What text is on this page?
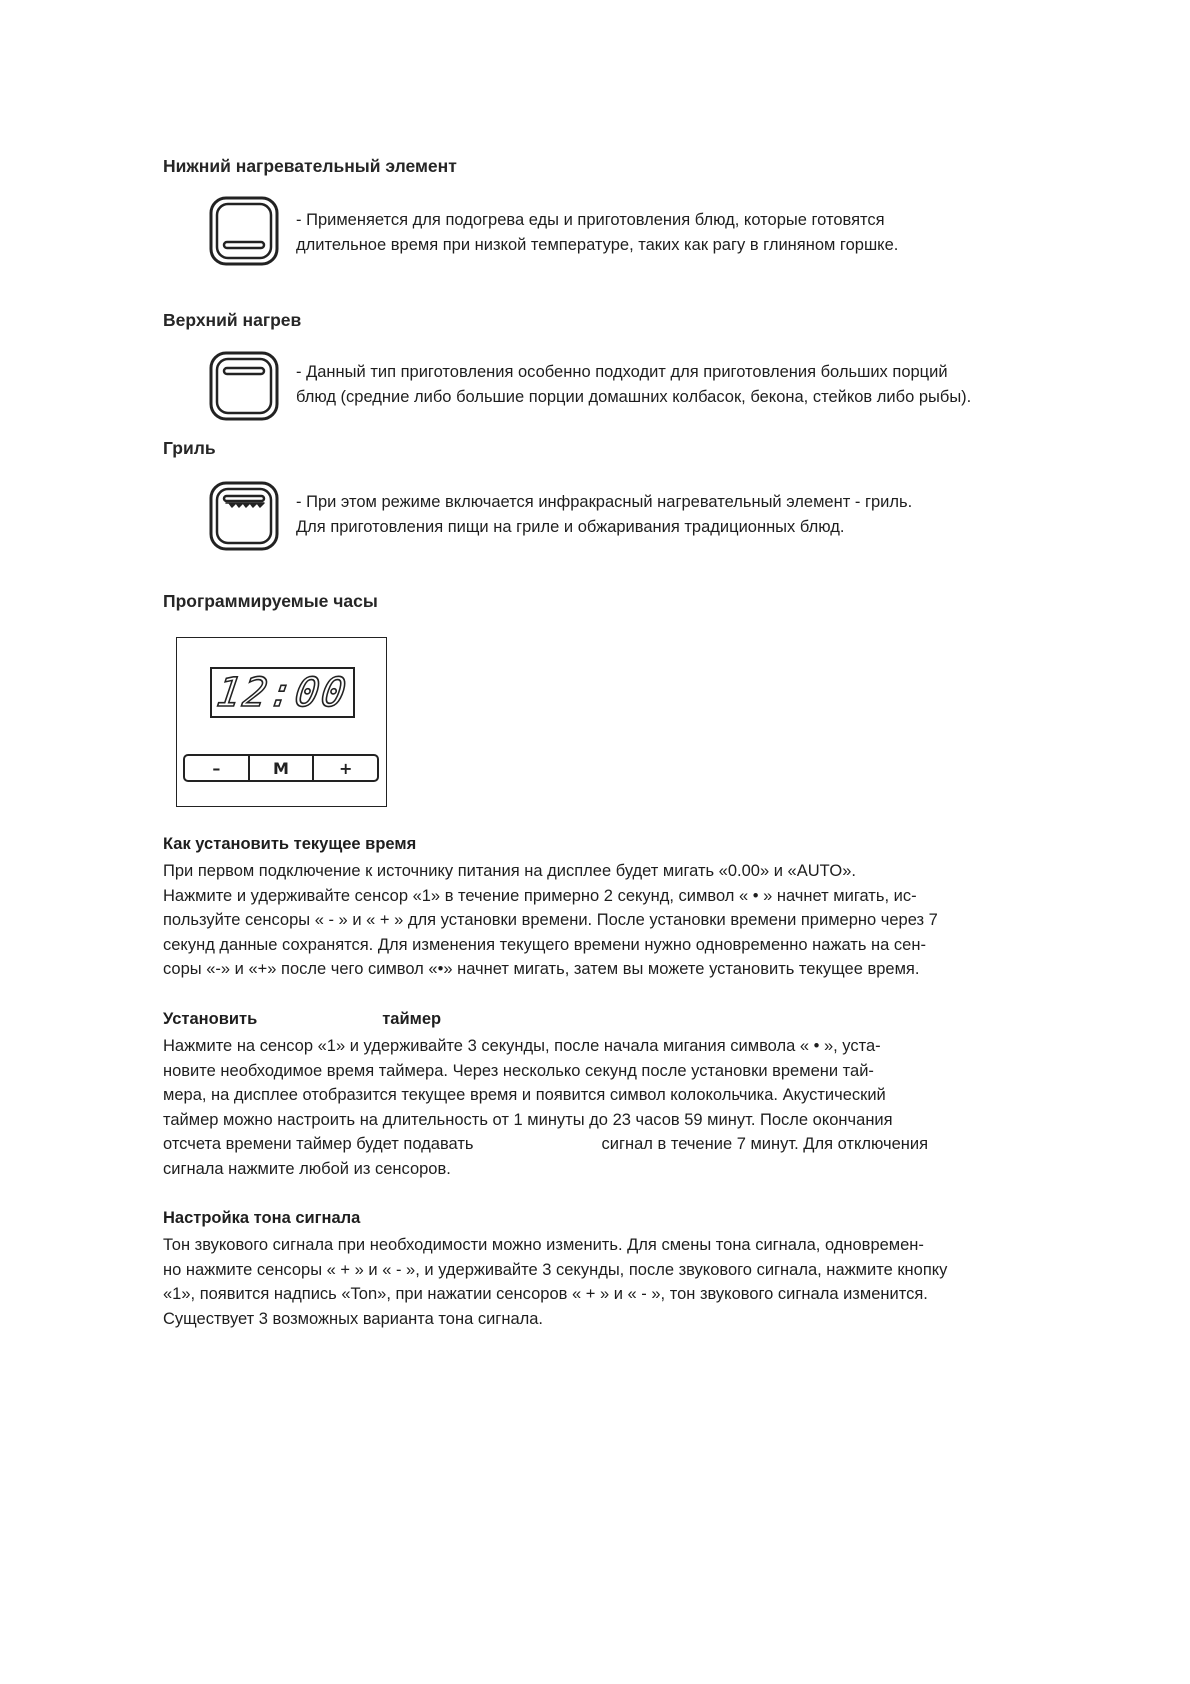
Нижний нагревательный элемент

- Применяется для подогрева еды и приготовления блюд, которые готовятся
длительное время при низкой температуре, таких как рагу в глиняном горшке.

Верхний нагрев

- Данный тип приготовления особенно подходит для приготовления больших порций
блюд (средние либо большие порции домашних колбасок, бекона, стейков либо рыбы).

Гриль

- При этом режиме включается инфракрасный нагревательный элемент - гриль.
Для приготовления пищи на гриле и обжаривания традиционных блюд.

Программируемые часы
12:00
–	M	+
Как установить текущее время

При первом подключение к источнику питания на дисплее будет мигать «0.00» и «AUTO».
Нажмите и удерживайте сенсор «1» в течение примерно 2 секунд, символ « • » начнет мигать, ис-
пользуйте сенсоры « - » и « + » для установки времени. После установки времени примерно через 7
секунд данные сохранятся. Для изменения текущего времени нужно одновременно нажать на сен-
соры «-» и «+» после чего символ «•» начнет мигать, затем вы можете установить текущее время.

Установить	таймер

Нажмите на сенсор «1» и удерживайте 3 секунды, после начала мигания символа « • », уста-
новите необходимое время таймера. Через несколько секунд после установки времени тай-
мера, на дисплее отобразится текущее время и появится символ колокольчика. Акустический
таймер можно настроить на длительность от 1 минуты до 23 часов 59 минут. После окончания
отсчета времени таймер будет подавать	сигнал в течение 7 минут. Для отключения
сигнала нажмите любой из сенсоров.

Настройка тона сигнала

Тон звукового сигнала при необходимости можно изменить. Для смены тона сигнала, одновремен-
но нажмите сенсоры « + » и « - », и удерживайте 3 секунды, после звукового сигнала, нажмите кнопку
«1», появится надпись «Ton», при нажатии сенсоров « + » и « - », тон звукового сигнала изменится.
Существует 3 возможных варианта тона сигнала.
